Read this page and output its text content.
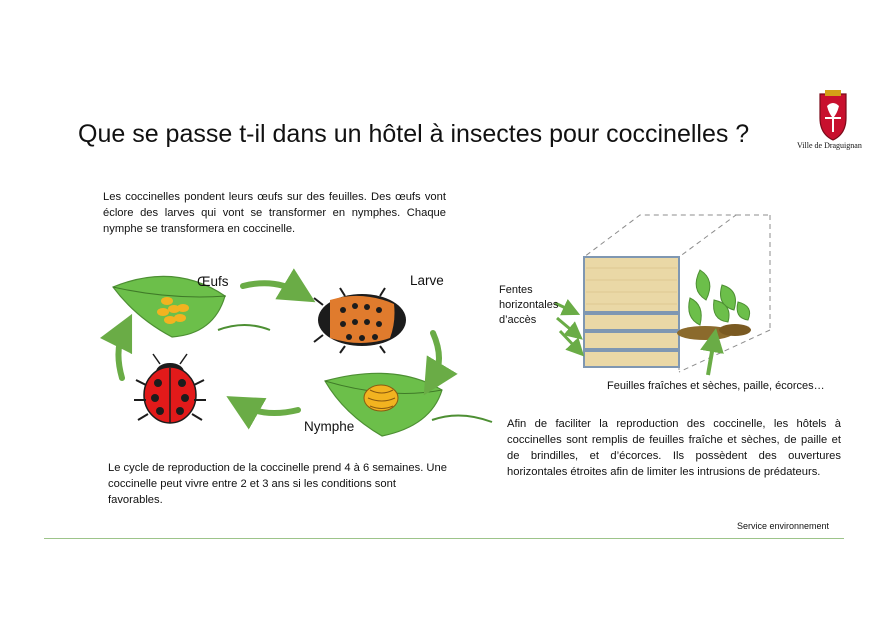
Que se passe t-il dans un hôtel à insectes pour coccinelles ?	Ville de Draguignan
Les coccinelles pondent leurs œufs sur des feuilles. Des œufs vont éclore des larves qui vont se transformer en nymphes. Chaque nymphe se transformera en coccinelle.
Œufs	Larve
Nymphe
Fentes horizontales d’accès
Feuilles fraîches et sèches, paille, écorces…
Le cycle de reproduction de la coccinelle prend 4 à 6 semaines. Une coccinelle peut vivre entre 2 et 3 ans si les conditions sont favorables.
Afin de faciliter la reproduction des coccinelle, les hôtels à coccinelles sont remplis de feuilles fraîche et sèches, de paille et de brindilles, et d’écorces. Ils possèdent des ouvertures horizontales étroites afin de limiter les intrusions de prédateurs.
Service environnement
